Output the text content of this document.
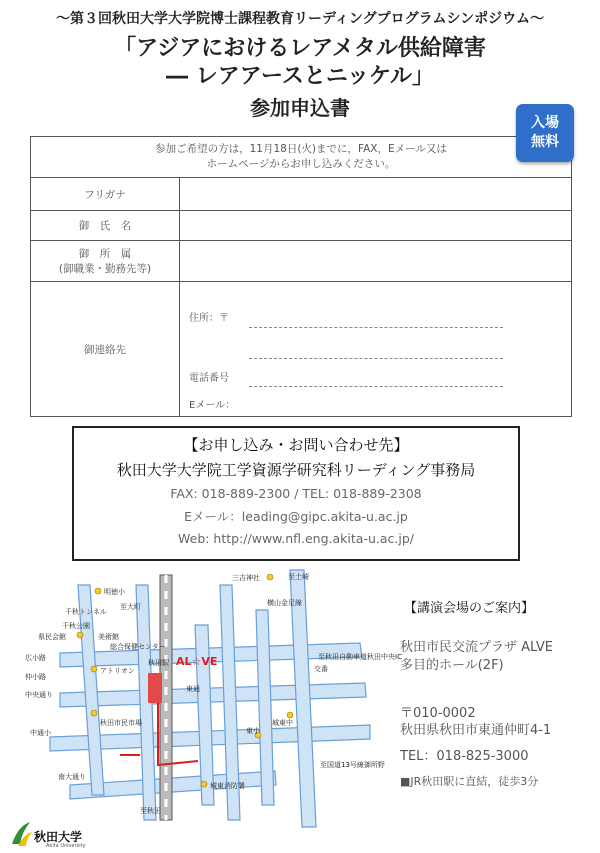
～第３回秋田大学大学院博士課程教育リーディングプログラムシンポジウム～
「アジアにおけるレアメタル供給障害
― レアアースとニッケル」
参加申込書
参加ご希望の方は，11月18日(火)までに，FAX，Eメール又は
ホームページからお申し込みください。	

フリガナ	
御　氏　名	

御　所　属
(御職業・勤務先等)	

御連絡先	住所：〒
電話番号
Eメール：
入場
無料
【お申し込み・お問い合わせ先】
秋田大学大学院工学資源学研究科リーディング事務局
FAX: 018-889-2300 / TEL: 018-889-2308
Eメール：leading@gipc.akita-u.ac.jp
Web: http://www.nfl.eng.akita-u.ac.jp/
明徳小
千秋トンネル
千秋公園
県民会館	美術館
総合保健センター
広小路
仲小路
中央通り
アトリオン
中通小
秋田市民市場
南大通り
秋田駅 AL☆VE
東通
東小
城東中
城東消防署
三吉神社
交番
至秋田自動車道秋田中央IC
横山金足線
至土崎
至大町
至秋田
至国道13号線御所野
【講演会場のご案内】
秋田市民交流プラザ ALVE
多目的ホール(2F)
〒010-0002
秋田県秋田市東通仲町4-1
TEL：018-825-3000
■JR秋田駅に直結，徒歩3分
秋田大学
Akita University
